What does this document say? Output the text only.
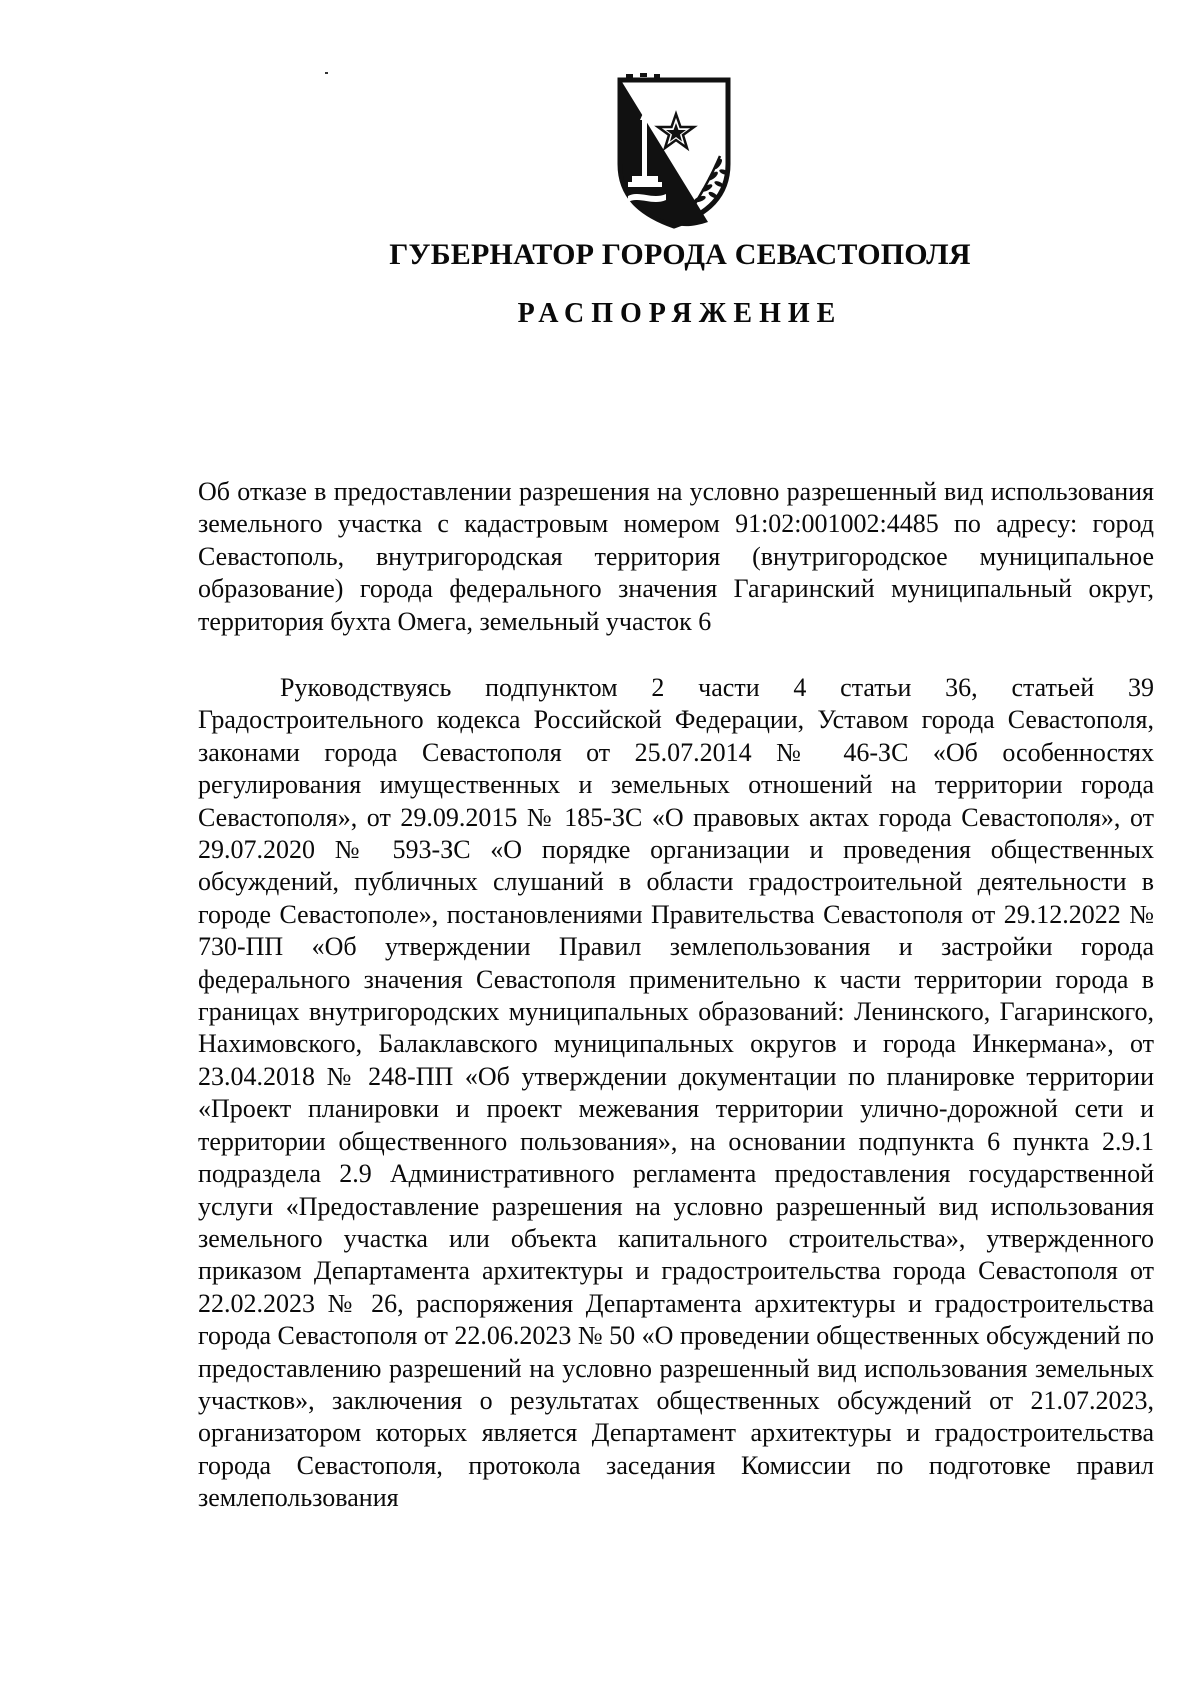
ГУБЕРНАТОР ГОРОДА СЕВАСТОПОЛЯ
РАСПОРЯЖЕНИЕ

Об отказе в предоставлении разрешения на условно разрешенный вид использования земельного участка с кадастровым номером 91:02:001002:4485 по адресу: город Севастополь, внутригородская территория (внутригородское муниципальное образование) города федерального значения Гагаринский муниципальный округ, территория бухта Омега, земельный участок 6

Руководствуясь подпунктом 2 части 4 статьи 36, статьей 39 Градостроительного кодекса Российской Федерации, Уставом города Севастополя, законами города Севастополя от 25.07.2014 № 46-ЗС «Об особенностях регулирования имущественных и земельных отношений на территории города Севастополя», от 29.09.2015 № 185-ЗС «О правовых актах города Севастополя», от 29.07.2020 № 593-ЗС «О порядке организации и проведения общественных обсуждений, публичных слушаний в области градостроительной деятельности в городе Севастополе», постановлениями Правительства Севастополя от 29.12.2022 № 730-ПП «Об утверждении Правил землепользования и застройки города федерального значения Севастополя применительно к части территории города в границах внутригородских муниципальных образований: Ленинского, Гагаринского, Нахимовского, Балаклавского муниципальных округов и города Инкермана», от 23.04.2018 № 248-ПП «Об утверждении документации по планировке территории «Проект планировки и проект межевания территории улично-дорожной сети и территории общественного пользования», на основании подпункта 6 пункта 2.9.1 подраздела 2.9 Административного регламента предоставления государственной услуги «Предоставление разрешения на условно разрешенный вид использования земельного участка или объекта капитального строительства», утвержденного приказом Департамента архитектуры и градостроительства города Севастополя от 22.02.2023 № 26, распоряжения Департамента архитектуры и градостроительства города Севастополя от 22.06.2023 № 50 «О проведении общественных обсуждений по предоставлению разрешений на условно разрешенный вид использования земельных участков», заключения о результатах общественных обсуждений от 21.07.2023, организатором которых является Департамент архитектуры и градостроительства города Севастополя, протокола заседания Комиссии по подготовке правил землепользования
